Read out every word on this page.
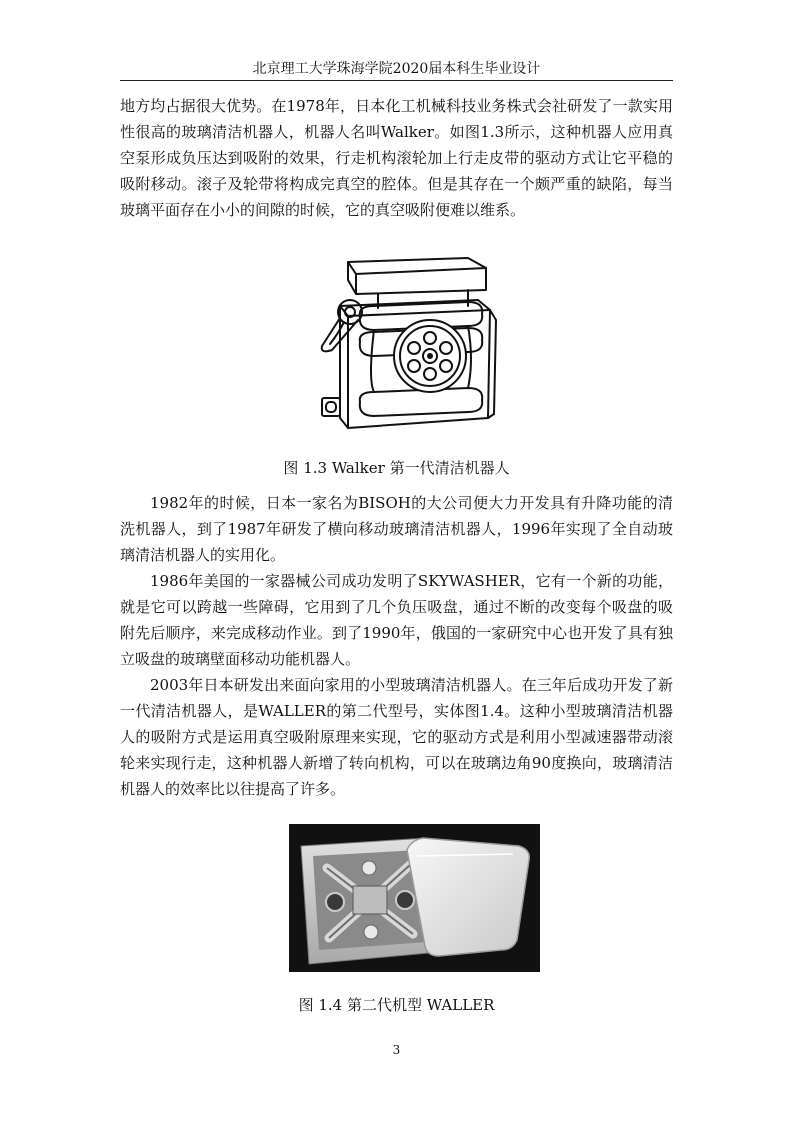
北京理工大学珠海学院2020届本科生毕业设计

地方均占据很大优势。在1978年，日本化工机械科技业务株式会社研发了一款实用性很高的玻璃清洁机器人，机器人名叫Walker。如图1.3所示，这种机器人应用真空泵形成负压达到吸附的效果，行走机构滚轮加上行走皮带的驱动方式让它平稳的吸附移动。滚子及轮带将构成完真空的腔体。但是其存在一个颇严重的缺陷，每当玻璃平面存在小小的间隙的时候，它的真空吸附便难以维系。

图 1.3 Walker 第一代清洁机器人

1982年的时候，日本一家名为BISOH的大公司便大力开发具有升降功能的清洗机器人，到了1987年研发了横向移动玻璃清洁机器人，1996年实现了全自动玻璃清洁机器人的实用化。

1986年美国的一家器械公司成功发明了SKYWASHER，它有一个新的功能，就是它可以跨越一些障碍，它用到了几个负压吸盘，通过不断的改变每个吸盘的吸附先后顺序，来完成移动作业。到了1990年，俄国的一家研究中心也开发了具有独立吸盘的玻璃壁面移动功能机器人。

2003年日本研发出来面向家用的小型玻璃清洁机器人。在三年后成功开发了新一代清洁机器人，是WALLER的第二代型号，实体图1.4。这种小型玻璃清洁机器人的吸附方式是运用真空吸附原理来实现，它的驱动方式是利用小型减速器带动滚轮来实现行走，这种机器人新增了转向机构，可以在玻璃边角90度换向，玻璃清洁机器人的效率比以往提高了许多。

图 1.4 第二代机型 WALLER
3
